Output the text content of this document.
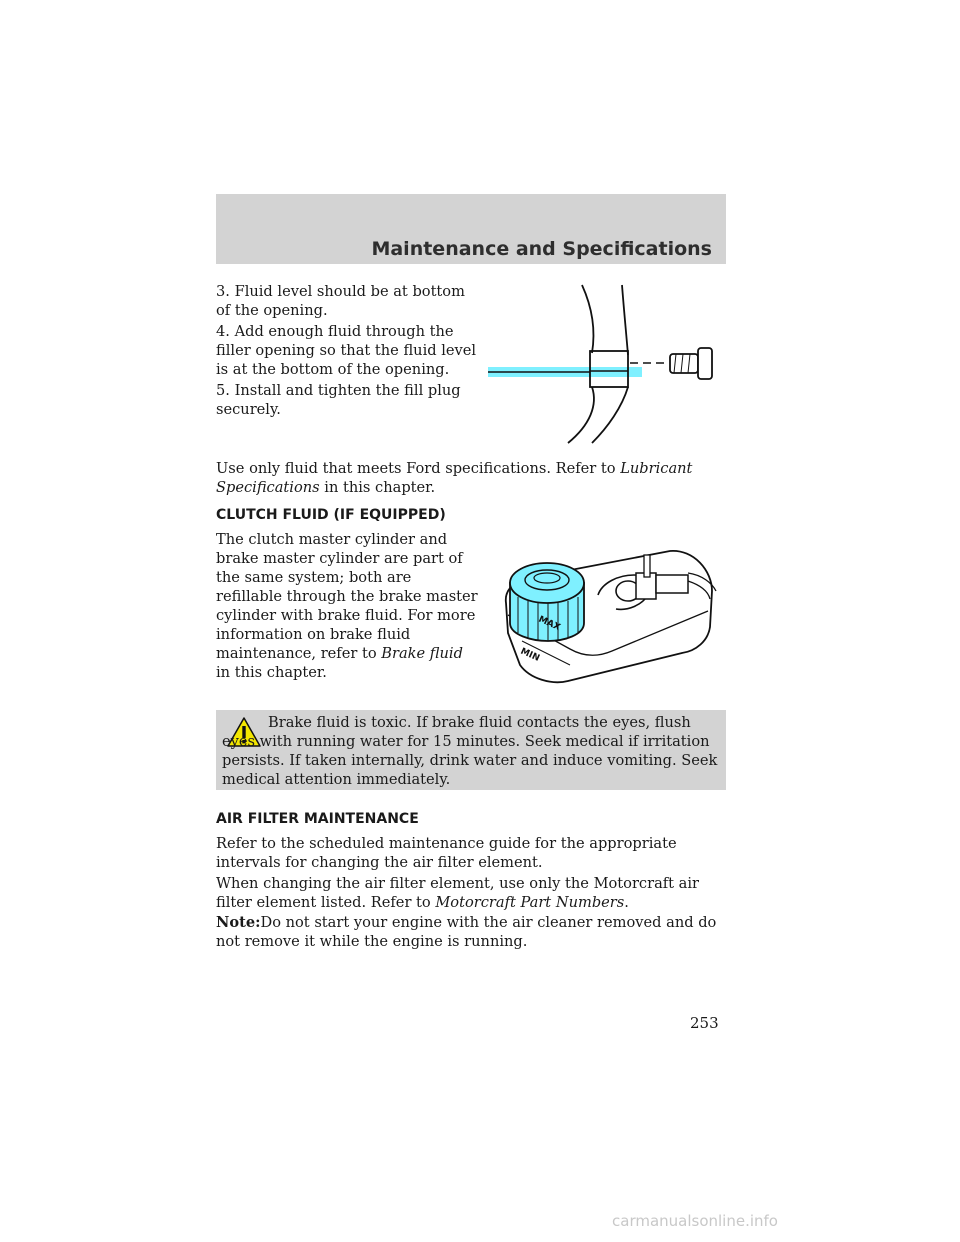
Maintenance and Specifications

3. Fluid level should be at bottom of the opening.

4. Add enough fluid through the filler opening so that the fluid level is at the bottom of the opening.

5. Install and tighten the fill plug securely.

Use only fluid that meets Ford specifications. Refer to Lubricant Specifications in this chapter.

CLUTCH FLUID (IF EQUIPPED)

The clutch master cylinder and brake master cylinder are part of the same system; both are refillable through the brake master cylinder with brake fluid. For more information on brake fluid maintenance, refer to Brake fluid in this chapter.

MAX
MIN

Brake fluid is toxic. If brake fluid contacts the eyes, flush eyes with running water for 15 minutes. Seek medical if irritation persists. If taken internally, drink water and induce vomiting. Seek medical attention immediately.

AIR FILTER MAINTENANCE

Refer to the scheduled maintenance guide for the appropriate intervals for changing the air filter element.

When changing the air filter element, use only the Motorcraft air filter element listed. Refer to Motorcraft Part Numbers.

Note:Do not start your engine with the air cleaner removed and do not remove it while the engine is running.

253
carmanualsonline.info
